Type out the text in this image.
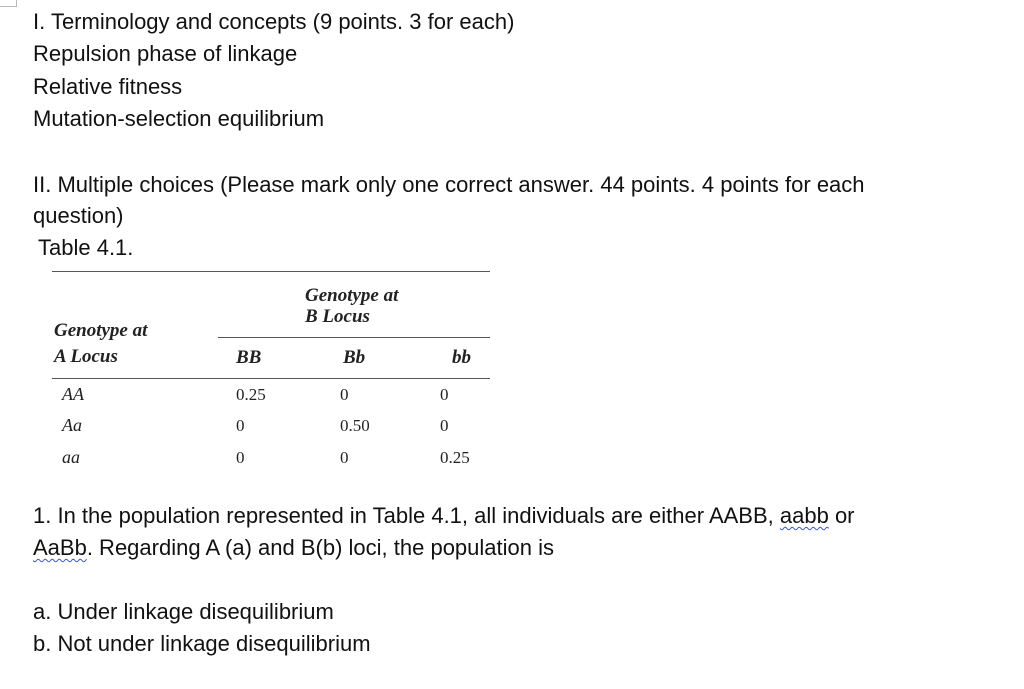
I. Terminology and concepts (9 points. 3 for each)
Repulsion phase of linkage
Relative fitness
Mutation-selection equilibrium
II. Multiple choices (Please mark only one correct answer. 44 points. 4 points for each
question)
Table 4.1.
Genotype at
B Locus
Genotype at
A Locus	BB	Bb	bb
AA	0.25	0	0
Aa	0	0.50	0
aa	0	0	0.25
1. In the population represented in Table 4.1, all individuals are either AABB, aabb or
AaBb. Regarding A (a) and B(b) loci, the population is
a. Under linkage disequilibrium
b. Not under linkage disequilibrium
